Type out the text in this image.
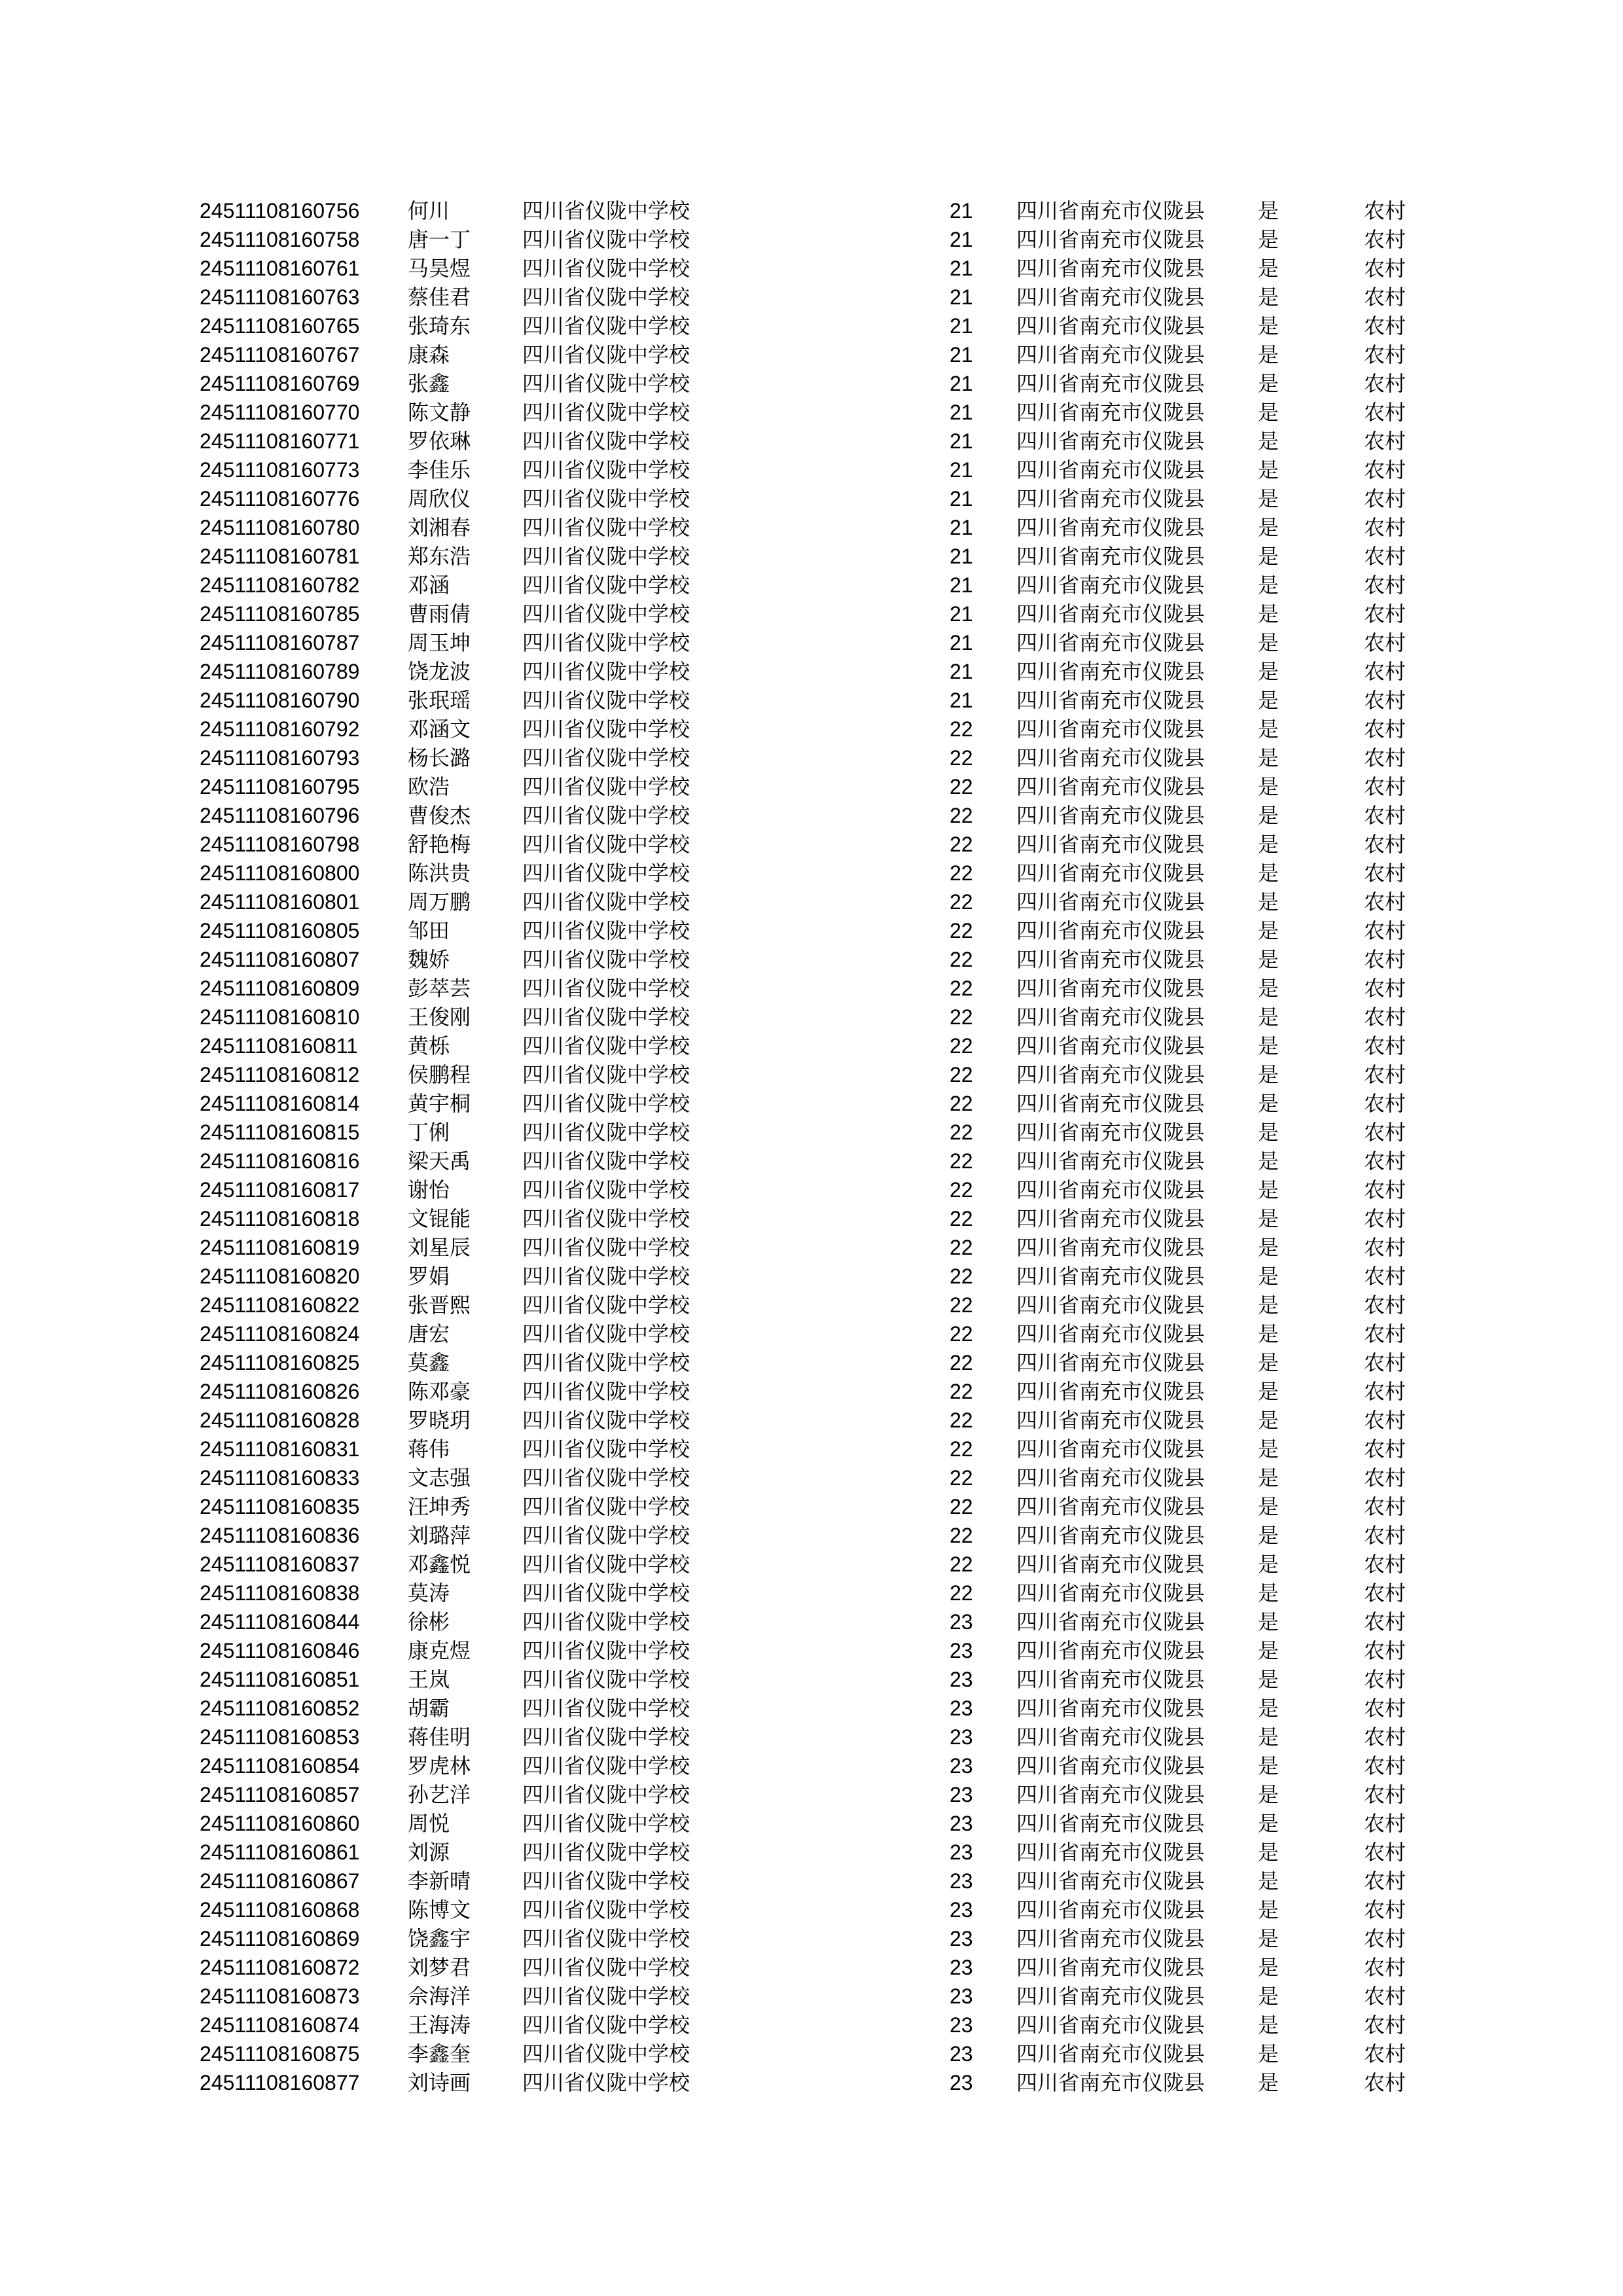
24511108160756 何川	四川省仪陇中学校	21 四川省南充市仪陇县	是	农村
24511108160758 唐一丁 四川省仪陇中学校	21 四川省南充市仪陇县	是	农村
24511108160761 马昊煜 四川省仪陇中学校	21 四川省南充市仪陇县	是	农村
24511108160763 蔡佳君 四川省仪陇中学校	21 四川省南充市仪陇县	是	农村
24511108160765 张琦东 四川省仪陇中学校	21 四川省南充市仪陇县	是	农村
24511108160767 康森	四川省仪陇中学校	21 四川省南充市仪陇县	是	农村
24511108160769 张鑫	四川省仪陇中学校	21 四川省南充市仪陇县	是	农村
24511108160770 陈文静 四川省仪陇中学校	21 四川省南充市仪陇县	是	农村
24511108160771 罗依琳 四川省仪陇中学校	21 四川省南充市仪陇县	是	农村
24511108160773 李佳乐 四川省仪陇中学校	21 四川省南充市仪陇县	是	农村
24511108160776 周欣仪 四川省仪陇中学校	21 四川省南充市仪陇县	是	农村
24511108160780 刘湘春 四川省仪陇中学校	21 四川省南充市仪陇县	是	农村
24511108160781 郑东浩 四川省仪陇中学校	21 四川省南充市仪陇县	是	农村
24511108160782 邓涵	四川省仪陇中学校	21 四川省南充市仪陇县	是	农村
24511108160785 曹雨倩 四川省仪陇中学校	21 四川省南充市仪陇县	是	农村
24511108160787 周玉坤 四川省仪陇中学校	21 四川省南充市仪陇县	是	农村
24511108160789 饶龙波 四川省仪陇中学校	21 四川省南充市仪陇县	是	农村
24511108160790 张珉瑶 四川省仪陇中学校	21 四川省南充市仪陇县	是	农村
24511108160792 邓涵文 四川省仪陇中学校	22 四川省南充市仪陇县	是	农村
24511108160793 杨长潞 四川省仪陇中学校	22 四川省南充市仪陇县	是	农村
24511108160795 欧浩	四川省仪陇中学校	22 四川省南充市仪陇县	是	农村
24511108160796 曹俊杰 四川省仪陇中学校	22 四川省南充市仪陇县	是	农村
24511108160798 舒艳梅 四川省仪陇中学校	22 四川省南充市仪陇县	是	农村
24511108160800 陈洪贵 四川省仪陇中学校	22 四川省南充市仪陇县	是	农村
24511108160801 周万鹏 四川省仪陇中学校	22 四川省南充市仪陇县	是	农村
24511108160805 邹田	四川省仪陇中学校	22 四川省南充市仪陇县	是	农村
24511108160807 魏娇	四川省仪陇中学校	22 四川省南充市仪陇县	是	农村
24511108160809 彭萃芸 四川省仪陇中学校	22 四川省南充市仪陇县	是	农村
24511108160810 王俊刚 四川省仪陇中学校	22 四川省南充市仪陇县	是	农村
24511108160811 黄栎	四川省仪陇中学校	22 四川省南充市仪陇县	是	农村
24511108160812 侯鹏程 四川省仪陇中学校	22 四川省南充市仪陇县	是	农村
24511108160814 黄宇桐 四川省仪陇中学校	22 四川省南充市仪陇县	是	农村
24511108160815 丁俐	四川省仪陇中学校	22 四川省南充市仪陇县	是	农村
24511108160816 梁天禹 四川省仪陇中学校	22 四川省南充市仪陇县	是	农村
24511108160817 谢怡	四川省仪陇中学校	22 四川省南充市仪陇县	是	农村
24511108160818 文锟能 四川省仪陇中学校	22 四川省南充市仪陇县	是	农村
24511108160819 刘星辰 四川省仪陇中学校	22 四川省南充市仪陇县	是	农村
24511108160820 罗娟	四川省仪陇中学校	22 四川省南充市仪陇县	是	农村
24511108160822 张晋熙 四川省仪陇中学校	22 四川省南充市仪陇县	是	农村
24511108160824 唐宏	四川省仪陇中学校	22 四川省南充市仪陇县	是	农村
24511108160825 莫鑫	四川省仪陇中学校	22 四川省南充市仪陇县	是	农村
24511108160826 陈邓豪 四川省仪陇中学校	22 四川省南充市仪陇县	是	农村
24511108160828 罗晓玥 四川省仪陇中学校	22 四川省南充市仪陇县	是	农村
24511108160831 蒋伟	四川省仪陇中学校	22 四川省南充市仪陇县	是	农村
24511108160833 文志强 四川省仪陇中学校	22 四川省南充市仪陇县	是	农村
24511108160835 汪坤秀 四川省仪陇中学校	22 四川省南充市仪陇县	是	农村
24511108160836 刘璐萍 四川省仪陇中学校	22 四川省南充市仪陇县	是	农村
24511108160837 邓鑫悦 四川省仪陇中学校	22 四川省南充市仪陇县	是	农村
24511108160838 莫涛	四川省仪陇中学校	22 四川省南充市仪陇县	是	农村
24511108160844 徐彬	四川省仪陇中学校	23 四川省南充市仪陇县	是	农村
24511108160846 康克煜 四川省仪陇中学校	23 四川省南充市仪陇县	是	农村
24511108160851 王岚	四川省仪陇中学校	23 四川省南充市仪陇县	是	农村
24511108160852 胡霸	四川省仪陇中学校	23 四川省南充市仪陇县	是	农村
24511108160853 蒋佳明 四川省仪陇中学校	23 四川省南充市仪陇县	是	农村
24511108160854 罗虎林 四川省仪陇中学校	23 四川省南充市仪陇县	是	农村
24511108160857 孙艺洋 四川省仪陇中学校	23 四川省南充市仪陇县	是	农村
24511108160860 周悦	四川省仪陇中学校	23 四川省南充市仪陇县	是	农村
24511108160861 刘源	四川省仪陇中学校	23 四川省南充市仪陇县	是	农村
24511108160867 李新晴 四川省仪陇中学校	23 四川省南充市仪陇县	是	农村
24511108160868 陈博文 四川省仪陇中学校	23 四川省南充市仪陇县	是	农村
24511108160869 饶鑫宇 四川省仪陇中学校	23 四川省南充市仪陇县	是	农村
24511108160872 刘梦君 四川省仪陇中学校	23 四川省南充市仪陇县	是	农村
24511108160873 佘海洋 四川省仪陇中学校	23 四川省南充市仪陇县	是	农村
24511108160874 王海涛 四川省仪陇中学校	23 四川省南充市仪陇县	是	农村
24511108160875 李鑫奎 四川省仪陇中学校	23 四川省南充市仪陇县	是	农村
24511108160877 刘诗画 四川省仪陇中学校	23 四川省南充市仪陇县	是	农村
